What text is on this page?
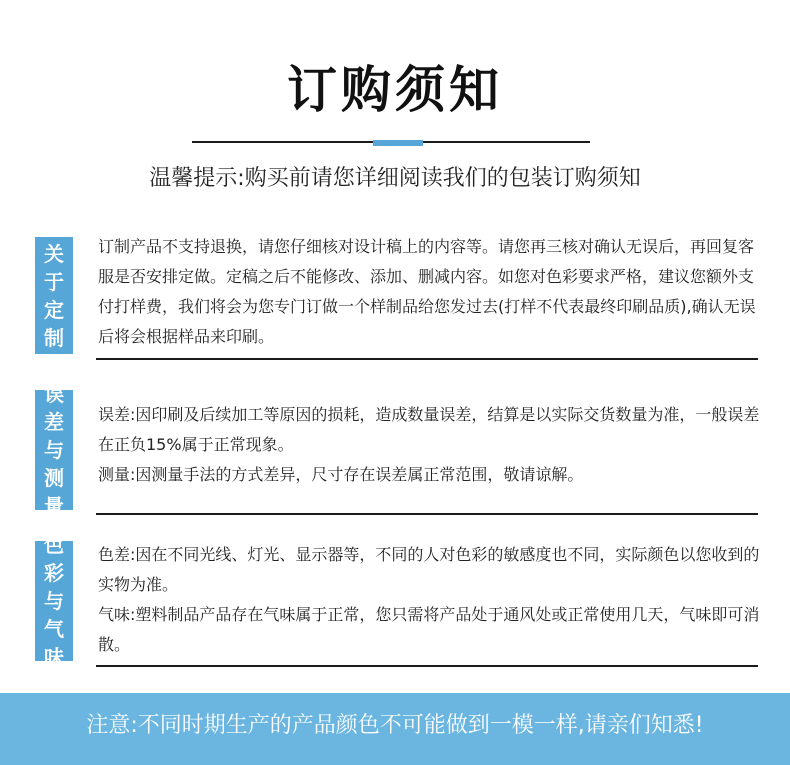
订购须知
温馨提示:购买前请您详细阅读我们的包装订购须知
关
于
定
制

订制产品不支持退换，请您仔细核对设计稿上的内容等。请您再三核对确认无误后，再回复客服是否安排定做。定稿之后不能修改、添加、删减内容。如您对色彩要求严格，建议您额外支付打样费，我们将会为您专门订做一个样制品给您发过去(打样不代表最终印刷品质),确认无误后将会根据样品来印刷。

误
差
与
测
量

误差:因印刷及后续加工等原因的损耗，造成数量误差，结算是以实际交货数量为准，一般误差在正负15%属于正常现象。

测量:因测量手法的方式差异，尺寸存在误差属正常范围，敬请谅解。

色
彩
与
气
味

色差:因在不同光线、灯光、显示器等，不同的人对色彩的敏感度也不同，实际颜色以您收到的实物为准。

气味:塑料制品产品存在气味属于正常，您只需将产品处于通风处或正常使用几天，气味即可消散。

注意:不同时期生产的产品颜色不可能做到一模一样,请亲们知悉!
